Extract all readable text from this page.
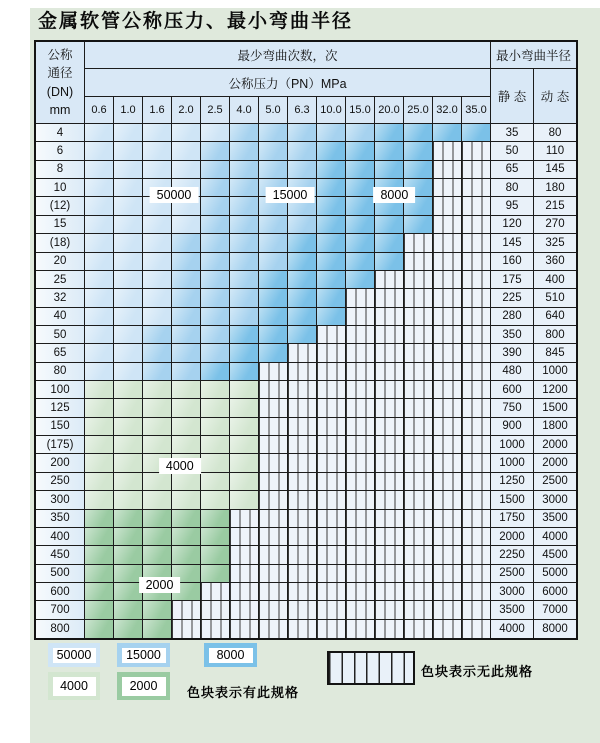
金属软管公称压力、最小弯曲半径
公称
通径
(DN)
mm
最少弯曲次数，次	最小弯曲半径
公称压力（PN）MPa
静 态	动 态
0.6	1.0	1.6	2.0	2.5	4.0	5.0	6.3 10.0 15.0 20.0 25.0 32.0 35.0
4	35	80
6	50	110
8	65	145
10	80	180
(12)	95	215
15	120	270
(18)	145	325
20	160	360
25	175	400
32	225	510
40	280	640
50	350	800
65	390	845
80	480	1000
100	600	1200
125	750	1500
150	900	1800
(175)	1000	2000
200	1000	2000
250	1250	2500
300	1500	3000
350	1750	3500
400	2000	4000
450	2250	4500
500	2500	5000
600	3000	6000
700	3500	7000
800	4000	8000
50000	15000	8000
4000
2000
色块表示有此规格
色块表示无此规格
50000	15000	8000
4000	2000
